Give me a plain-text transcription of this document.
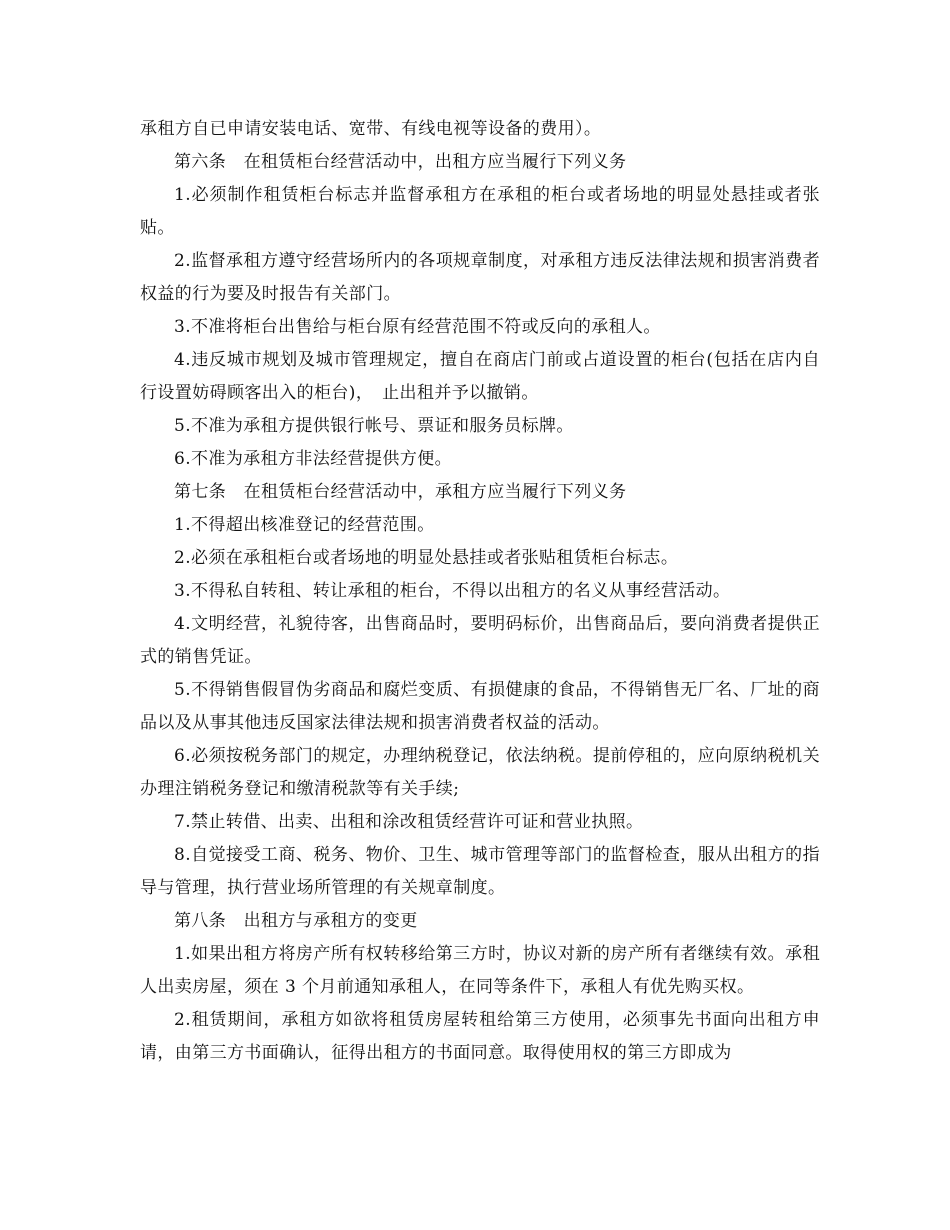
承租方自已申请安装电话、宽带、有线电视等设备的费用）。

第六条　在租赁柜台经营活动中，出租方应当履行下列义务

1.必须制作租赁柜台标志并监督承租方在承租的柜台或者场地的明显处悬挂或者张贴。

2.监督承租方遵守经营场所内的各项规章制度，对承租方违反法律法规和损害消费者权益的行为要及时报告有关部门。

3.不准将柜台出售给与柜台原有经营范围不符或反向的承租人。

4.违反城市规划及城市管理规定，擅自在商店门前或占道设置的柜台(包括在店内自行设置妨碍顾客出入的柜台)，　止出租并予以撤销。

5.不准为承租方提供银行帐号、票证和服务员标牌。

6.不准为承租方非法经营提供方便。

第七条　在租赁柜台经营活动中，承租方应当履行下列义务

1.不得超出核准登记的经营范围。

2.必须在承租柜台或者场地的明显处悬挂或者张贴租赁柜台标志。

3.不得私自转租、转让承租的柜台，不得以出租方的名义从事经营活动。

4.文明经营，礼貌待客，出售商品时，要明码标价，出售商品后，要向消费者提供正式的销售凭证。

5.不得销售假冒伪劣商品和腐烂变质、有损健康的食品，不得销售无厂名、厂址的商品以及从事其他违反国家法律法规和损害消费者权益的活动。

6.必须按税务部门的规定，办理纳税登记，依法纳税。提前停租的，应向原纳税机关办理注销税务登记和缴清税款等有关手续;

7.禁止转借、出卖、出租和涂改租赁经营许可证和营业执照。

8.自觉接受工商、税务、物价、卫生、城市管理等部门的监督检查，服从出租方的指导与管理，执行营业场所管理的有关规章制度。

第八条　出租方与承租方的变更

1.如果出租方将房产所有权转移给第三方时，协议对新的房产所有者继续有效。承租人出卖房屋，须在 3 个月前通知承租人，在同等条件下，承租人有优先购买权。

2.租赁期间，承租方如欲将租赁房屋转租给第三方使用，必须事先书面向出租方申请，由第三方书面确认，征得出租方的书面同意。取得使用权的第三方即成为
